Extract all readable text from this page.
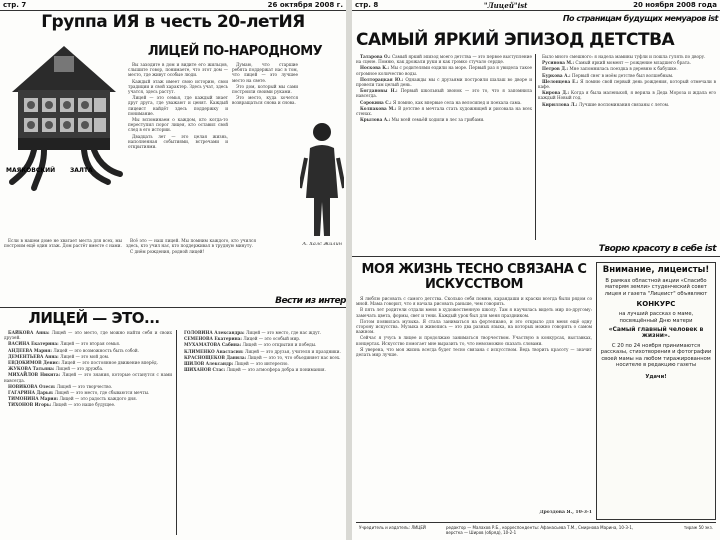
стр. 7	26 октября 2008 г.
Группа ИЯ в честь 20-летИЯ
МАЯКОВСКИЙ ЗАЛТА
ЛИЦЕЙ ПО-НАРОДНОМУ

Вы заходите в дом и видите его жильцов, слышите говор, понимаете, что этот дом — место, где живут особые люди.

Каждый этаж имеет свою историю, свои традиции и свой характер. Здесь учат, здесь учатся, здесь растут.

Лицей — это семья, где каждый знает друг друга, где уважают и ценят. Каждый лицеист найдёт здесь поддержку и понимание.

Мы вспоминаем о каждом, кто когда-то переступил порог лицея, кто оставил свой след в его истории.

Двадцать лет — это целая жизнь, наполненная событиями, встречами и открытиями.

Думаю, что старшие ребята поддержат нас в том, что лицей — это лучшее место на свете.

Это дом, который мы сами построили своими руками.

Это место, куда хочется возвращаться снова и снова.

А. Халс Жилин

Если в нашем доме не хватает места для всех, мы построим ещё один этаж. Дом растёт вместе с нами.

Всё это — наш лицей. Мы помним каждого, кто учился здесь, кто учил нас, кто поддерживал в трудную минуту.

С днём рождения, родной лицей!

Вести из интер
ЛИЦЕЙ — ЭТО...

БАЙКОВА Анна: Лицей — это место, где можно найти себя и своих друзей.

ВАСИНА Екатерина: Лицей — это вторая семья.

АНДЕЕВА Мария: Лицей — это возможность быть собой.

ДЕМЕНТЬЕВА Анна: Лицей — это мой дом.

ЕВДОКИМОВ Денис: Лицей — это постоянное движение вперёд.

ЖУКОВА Татьяна: Лицей — это дружба.

МИХАЙЛОВ Никита: Лицей — это знания, которые останутся с нами навсегда.

НОВИКОВА Олеся: Лицей — это творчество.

ГАГАРИНА Дарья: Лицей — это место, где сбываются мечты.

ТИМОНИНА Мария: Лицей — это радость каждого дня.

ТИХОНОВ Игорь: Лицей — это наше будущее.

ГОЛОВИНА Александра: Лицей — это место, где нас ждут.

СЕМЕНОВА Екатерина: Лицей — это особый мир.

МУХАМАТОВА Сабина: Лицей — это открытия и победы.

КЛИМЕНКО Анастасия: Лицей — это друзья, учителя и праздники.

КРАСНОЩЕКОВ Данила: Лицей — это то, что объединяет нас всех.

ШИЛОВ Александр: Лицей — это интересно.

ШИХАНОВ Стас: Лицей — это атмосфера добра и понимания.

стр. 8	"Лицей"ist	20 ноября 2008 года
По страницам будущих мемуаров ist
САМЫЙ ЯРКИЙ ЭПИЗОД ДЕТСТВА

Татарова О.: Самый яркий эпизод моего детства — это первое выступление на сцене. Помню, как дрожали руки и как громко стучало сердце.

Носкова К.: Мы с родителями ездили на море. Первый раз я увидела такое огромное количество воды.

Полторацкая Ю.: Однажды мы с друзьями построили шалаш во дворе и провели там целый день.

Богдановы Н.: Первый школьный звонок — это то, что я запомнила навсегда.

Сорокина С.: Я помню, как впервые села на велосипед и поехала сама.

Колпакова М.: В детстве я мечтала стать художницей и рисовала на всех стенах.

Крылова А.: Мы всей семьёй ходили в лес за грибами.

Было много смешного: я надела мамины туфли и пошла гулять по двору.

Русинова М.: Самый яркий момент — рождение младшего брата.

Петров Д.: Мне запомнилась поездка в деревню к бабушке.

Буркова А.: Первый снег в моём детстве был волшебным.

Шелонцева Е.: Я помню свой первый день рождения, который отмечали в кафе.

Кирова Д.: Когда я была маленькой, я верила в Деда Мороза и ждала его каждый Новый год.

Кириллова Л.: Лучшие воспоминания связаны с летом.

Творю красоту в себе ist
МОЯ ЖИЗНЬ ТЕСНО СВЯЗАНА С ИСКУССТВОМ

Я люблю рисовать с самого детства. Сколько себя помню, карандаши и краски всегда были рядом со мной. Мама говорит, что я начала рисовать раньше, чем говорить.

В пять лет родители отдали меня в художественную школу. Там я научилась видеть мир по-другому: замечать цвета, формы, свет и тени. Каждый урок был для меня праздником.

Потом появилась музыка. Я стала заниматься на фортепиано, и это открыло для меня ещё одну сторону искусства. Музыка и живопись — это два разных языка, на которых можно говорить о самом важном.

Сейчас я учусь в лицее и продолжаю заниматься творчеством. Участвую в конкурсах, выставках, концертах. Искусство помогает мне выразить то, что невозможно сказать словами.

Я уверена, что моя жизнь всегда будет тесно связана с искусством. Ведь творить красоту — значит делать мир лучше.

Дроздова Я., 10-3-1
Внимание, лицеисты!
В рамках областной акции «Спасибо матерям земли» студенческий совет лицея и газета "Лицеист" объявляют
КОНКУРС
на лучший рассказ о маме, посвящённый Дню матери
«Самый главный человек в жизни».
С 20 по 24 ноября принимаются рассказы, стихотворения и фотографии своей мамы на любом тиражированном носителе в редакцию газеты
Удачи!
Учредитель и издатель: ЛИЦЕЙ	редактор — Малахов Р.Б., корреспонденты: Афанасьева Т.М., Смирнова Марина, 10-3-1, верстка — Широв (обряд), 10-2-1
тираж 50 экз.
